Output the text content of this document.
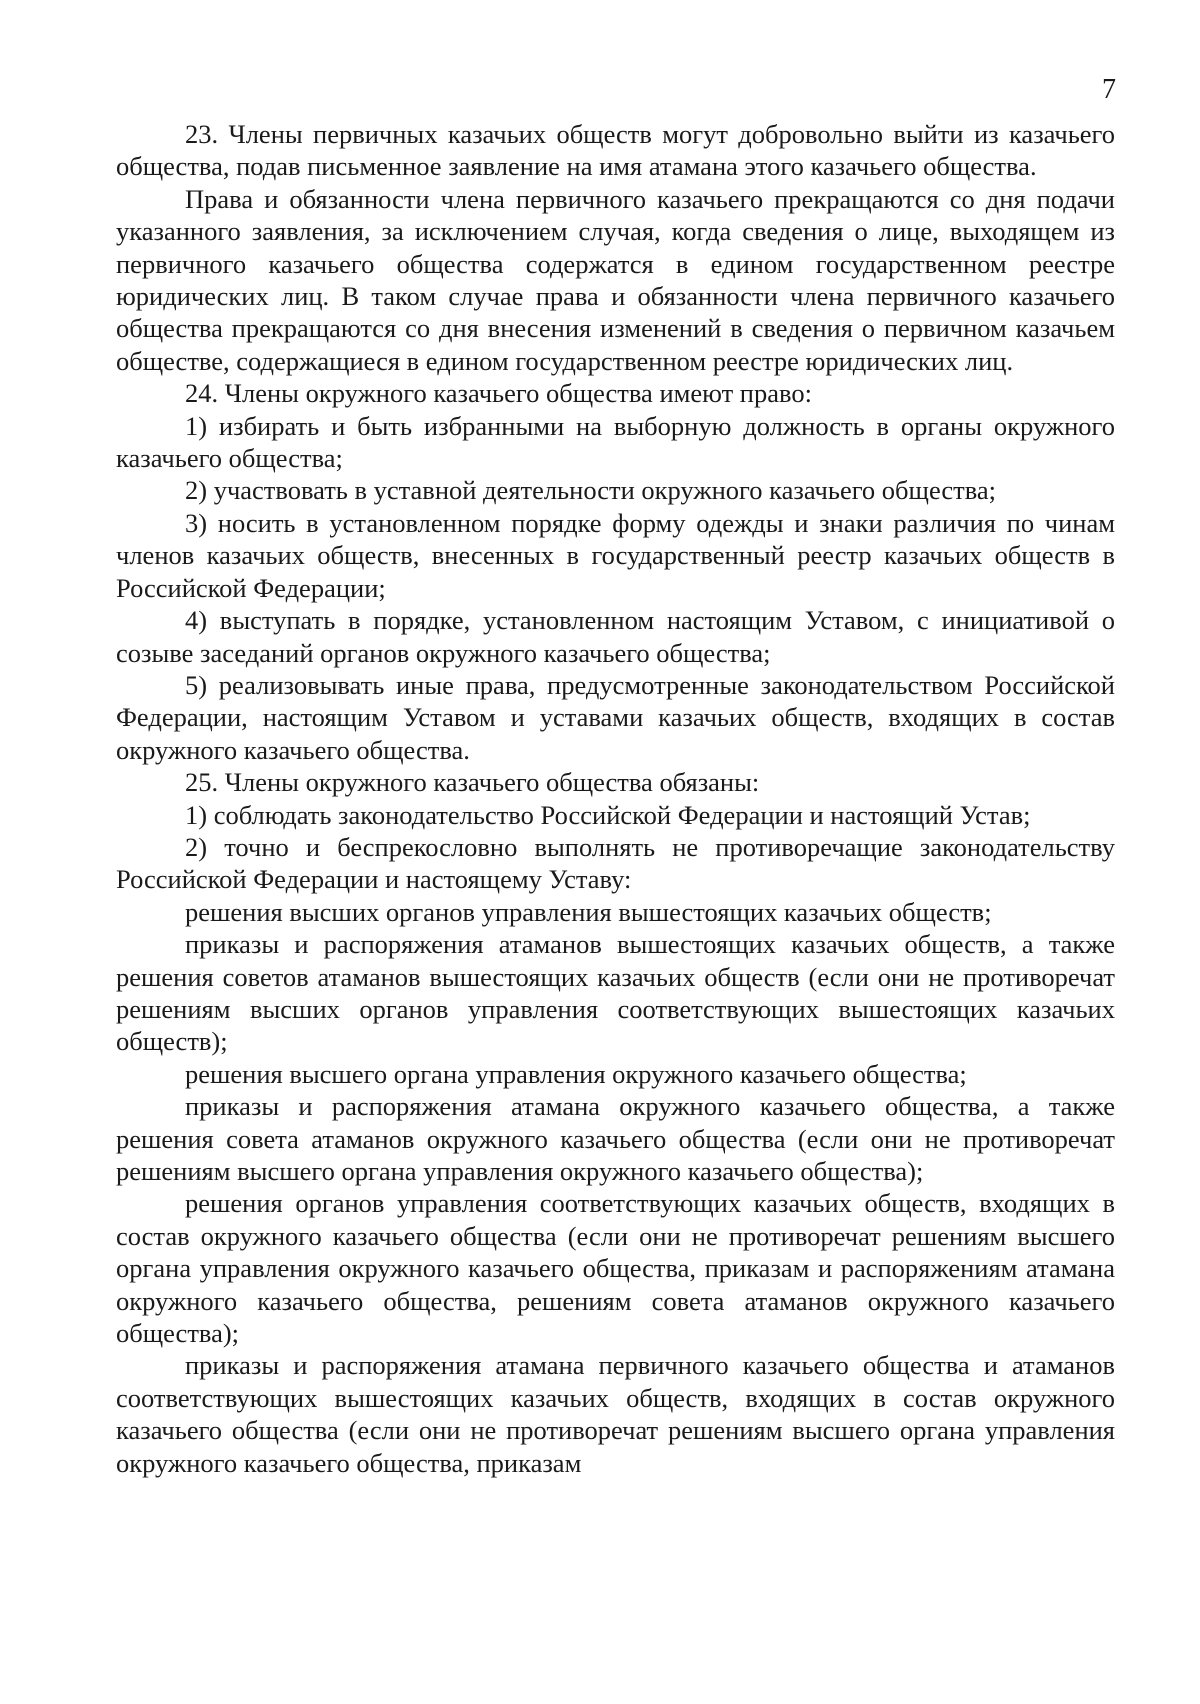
7

23. Члены первичных казачьих обществ могут добровольно выйти из казачьего общества, подав письменное заявление на имя атамана этого казачьего общества.

Права и обязанности члена первичного казачьего прекращаются со дня подачи указанного заявления, за исключением случая, когда сведения о лице, выходящем из первичного казачьего общества содержатся в едином государственном реестре юридических лиц. В таком случае права и обязанности члена первичного казачьего общества прекращаются со дня внесения изменений в сведения о первичном казачьем обществе, содержащиеся в едином государственном реестре юридических лиц.

24. Члены окружного казачьего общества имеют право:

1) избирать и быть избранными на выборную должность в органы окружного казачьего общества;

2) участвовать в уставной деятельности окружного казачьего общества;

3) носить в установленном порядке форму одежды и знаки различия по чинам членов казачьих обществ, внесенных в государственный реестр казачьих обществ в Российской Федерации;

4) выступать в порядке, установленном настоящим Уставом, с инициативой о созыве заседаний органов окружного казачьего общества;

5) реализовывать иные права, предусмотренные законодательством Российской Федерации, настоящим Уставом и уставами казачьих обществ, входящих в состав окружного казачьего общества.

25. Члены окружного казачьего общества обязаны:

1) соблюдать законодательство Российской Федерации и настоящий Устав;

2) точно и беспрекословно выполнять не противоречащие законодательству Российской Федерации и настоящему Уставу:

решения высших органов управления вышестоящих казачьих обществ;

приказы и распоряжения атаманов вышестоящих казачьих обществ, а также решения советов атаманов вышестоящих казачьих обществ (если они не противоречат решениям высших органов управления соответствующих вышестоящих казачьих обществ);

решения высшего органа управления окружного казачьего общества;

приказы и распоряжения атамана окружного казачьего общества, а также решения совета атаманов окружного казачьего общества (если они не противоречат решениям высшего органа управления окружного казачьего общества);

решения органов управления соответствующих казачьих обществ, входящих в состав окружного казачьего общества (если они не противоречат решениям высшего органа управления окружного казачьего общества, приказам и распоряжениям атамана окружного казачьего общества, решениям совета атаманов окружного казачьего общества);

приказы и распоряжения атамана первичного казачьего общества и атаманов соответствующих вышестоящих казачьих обществ, входящих в состав окружного казачьего общества (если они не противоречат решениям высшего органа управления окружного казачьего общества, приказам
